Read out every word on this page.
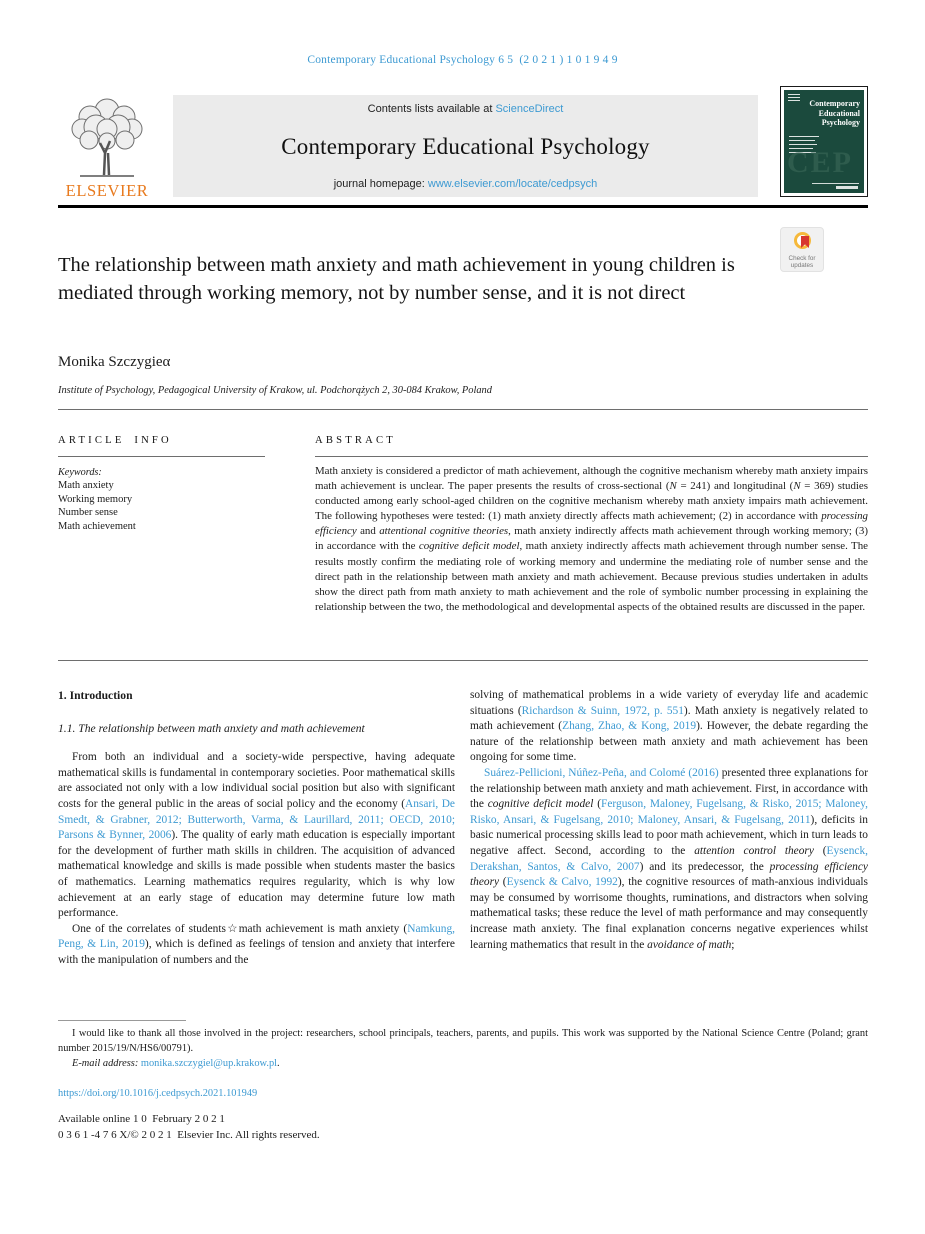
Contemporary Educational Psychology 6 5  (2 0 2 1 ) 1 0 1 9 4 9
ELSEVIER
Contents lists available at ScienceDirect
Contemporary Educational Psychology
journal homepage: www.elsevier.com/locate/cedpsych
Contemporary
Educational
Psychology
CEP
Check for
updates
The relationship between math anxiety and math achievement in young children is mediated through working memory, not by number sense, and it is not direct
Monika Szczygieα
Institute of Psychology, Pedagogical University of Krakow, ul. Podchorążych 2, 30-084 Krakow, Poland
ARTICLE INFO
Keywords:
Math anxiety
Working memory
Number sense
Math achievement
ABSTRACT
Math anxiety is considered a predictor of math achievement, although the cognitive mechanism whereby math anxiety impairs math achievement is unclear. The paper presents the results of cross-sectional (N = 241) and longitudinal (N = 369) studies conducted among early school-aged children on the cognitive mechanism whereby math anxiety impairs math achievement. The following hypotheses were tested: (1) math anxiety directly affects math achievement; (2) in accordance with processing efficiency and attentional cognitive theories, math anxiety indirectly affects math achievement through working memory; (3) in accordance with the cognitive deficit model, math anxiety indirectly affects math achievement through number sense. The results mostly confirm the mediating role of working memory and undermine the mediating role of number sense and the direct path in the relationship between math anxiety and math achievement. Because previous studies undertaken in adults show the direct path from math anxiety to math achievement and the role of symbolic number processing in explaining the relationship between the two, the methodological and developmental aspects of the obtained results are discussed in the paper.
1. Introduction
1.1. The relationship between math anxiety and math achievement

From both an individual and a society-wide perspective, having adequate mathematical skills is fundamental in contemporary societies. Poor mathematical skills are associated not only with a low individual social position but also with significant costs for the general public in the areas of social policy and the economy (Ansari, De Smedt, & Grabner, 2012; Butterworth, Varma, & Laurillard, 2011; OECD, 2010; Parsons & Bynner, 2006). The quality of early math education is especially important for the development of further math skills in children. The acquisition of advanced mathematical knowledge and skills is made possible when students master the basics of mathematics. Learning mathematics requires regularity, which is why low achievement at an early stage of education may determine future low math performance.

One of the correlates of students☆math achievement is math anxiety (Namkung, Peng, & Lin, 2019), which is defined as feelings of tension and anxiety that interfere with the manipulation of numbers and the

solving of mathematical problems in a wide variety of everyday life and academic situations (Richardson & Suinn, 1972, p. 551). Math anxiety is negatively related to math achievement (Zhang, Zhao, & Kong, 2019). However, the debate regarding the nature of the relationship between math anxiety and math achievement has been ongoing for some time.

Suárez-Pellicioni, Núñez-Peña, and Colomé (2016) presented three explanations for the relationship between math anxiety and math achievement. First, in accordance with the cognitive deficit model (Ferguson, Maloney, Fugelsang, & Risko, 2015; Maloney, Risko, Ansari, & Fugelsang, 2010; Maloney, Ansari, & Fugelsang, 2011), deficits in basic numerical processing skills lead to poor math achievement, which in turn leads to negative affect. Second, according to the attention control theory (Eysenck, Derakshan, Santos, & Calvo, 2007) and its predecessor, the processing efficiency theory (Eysenck & Calvo, 1992), the cognitive resources of math-anxious individuals may be consumed by worrisome thoughts, ruminations, and distractors when solving mathematical tasks; these reduce the level of math performance and may consequently increase math anxiety. The final explanation concerns negative experiences whilst learning mathematics that result in the avoidance of math;

I would like to thank all those involved in the project: researchers, school principals, teachers, parents, and pupils. This work was supported by the National Science Centre (Poland; grant number 2015/19/N/HS6/00791).
E-mail address: monika.szczygiel@up.krakow.pl.
https://doi.org/10.1016/j.cedpsych.2021.101949
Available online 1 0  February 2 0 2 1
0 3 6 1 -4 7 6 X/© 2 0 2 1  Elsevier Inc. All rights reserved.
